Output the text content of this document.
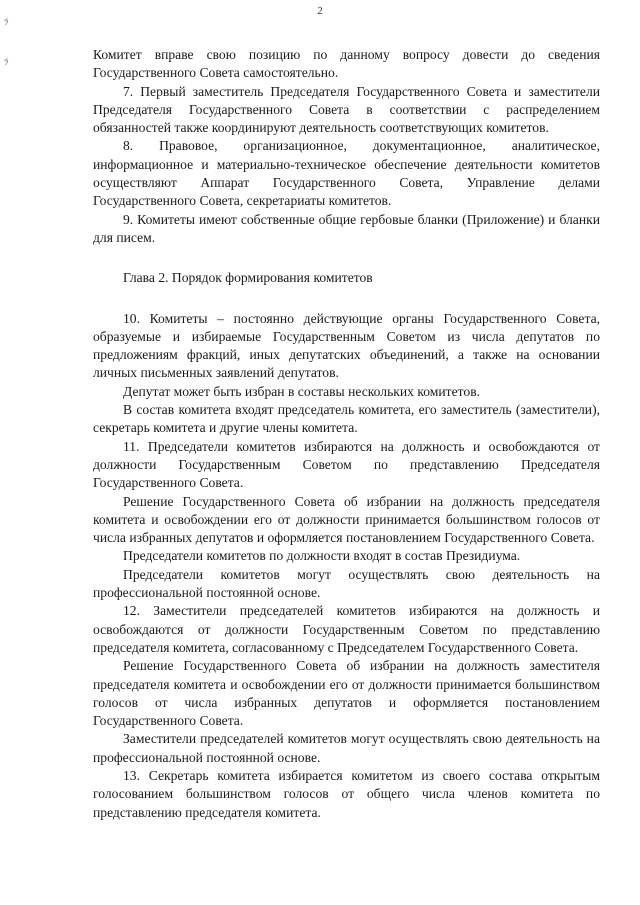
2
ﾗ
ﾗ	Комитет вправе свою позицию по данному вопросу довести до сведения Государственного Совета самостоятельно.

7. Первый заместитель Председателя Государственного Совета и заместители Председателя Государственного Совета в соответствии с распределением обязанностей также координируют деятельность соответствующих комитетов.

8. Правовое, организационное, документационное, аналитическое, информационное и материально-техническое обеспечение деятельности комитетов осуществляют Аппарат Государственного Совета, Управление делами Государственного Совета, секретариаты комитетов.

9. Комитеты имеют собственные общие гербовые бланки (Приложение) и бланки для писем.

Глава 2. Порядок формирования комитетов

10. Комитеты – постоянно действующие органы Государственного Совета, образуемые и избираемые Государственным Советом из числа депутатов по предложениям фракций, иных депутатских объединений, а также на основании личных письменных заявлений депутатов.

Депутат может быть избран в составы нескольких комитетов.

В состав комитета входят председатель комитета, его заместитель (заместители), секретарь комитета и другие члены комитета.

11. Председатели комитетов избираются на должность и освобождаются от должности Государственным Советом по представлению Председателя Государственного Совета.

Решение Государственного Совета об избрании на должность председателя комитета и освобождении его от должности принимается большинством голосов от числа избранных депутатов и оформляется постановлением Государственного Совета.

Председатели комитетов по должности входят в состав Президиума.

Председатели комитетов могут осуществлять свою деятельность на профессиональной постоянной основе.

12. Заместители председателей комитетов избираются на должность и освобождаются от должности Государственным Советом по представлению председателя комитета, согласованному с Председателем Государственного Совета.

Решение Государственного Совета об избрании на должность заместителя председателя комитета и освобождении его от должности принимается большинством голосов от числа избранных депутатов и оформляется постановлением Государственного Совета.

Заместители председателей комитетов могут осуществлять свою деятельность на профессиональной постоянной основе.

13. Секретарь комитета избирается комитетом из своего состава открытым голосованием большинством голосов от общего числа членов комитета по представлению председателя комитета.
